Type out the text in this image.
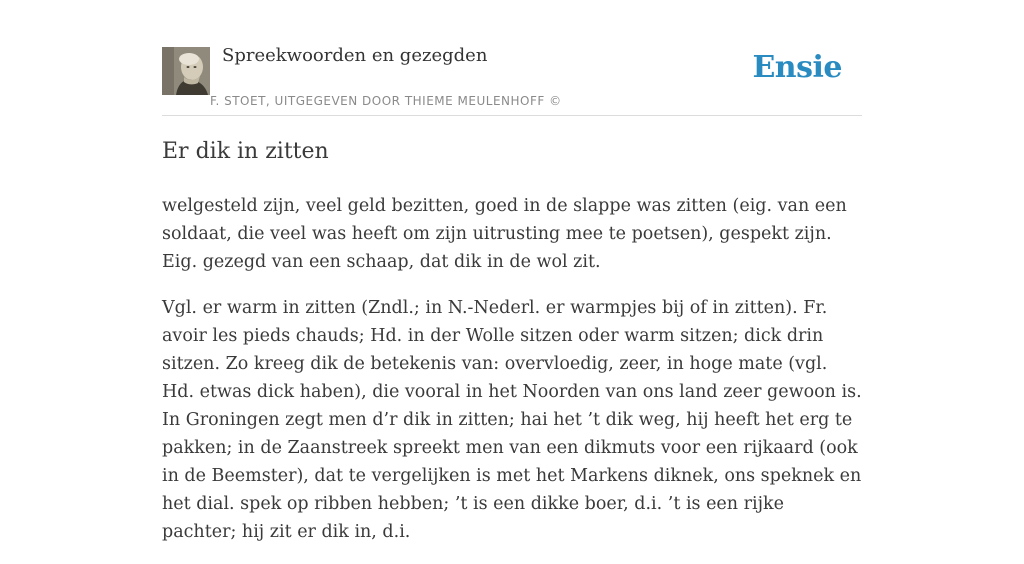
Spreekwoorden en gezegden
F. STOET, UITGEGEVEN DOOR THIEME MEULENHOFF ©
Ensie
Er dik in zitten

welgesteld zijn, veel geld bezitten, goed in de slappe was zitten (eig. van een soldaat, die veel was heeft om zijn uitrusting mee te poetsen), gespekt zijn. Eig. gezegd van een schaap, dat dik in de wol zit.

Vgl. er warm in zitten (Zndl.; in N.-Nederl. er warmpjes bij of in zitten). Fr. avoir les pieds chauds; Hd. in der Wolle sitzen oder warm sitzen; dick drin sitzen. Zo kreeg dik de betekenis van: overvloedig, zeer, in hoge mate (vgl. Hd. etwas dick haben), die vooral in het Noorden van ons land zeer gewoon is. In Groningen zegt men d’r dik in zitten; hai het ’t dik weg, hij heeft het erg te pakken; in de Zaanstreek spreekt men van een dikmuts voor een rijkaard (ook in de Beemster), dat te vergelijken is met het Markens diknek, ons speknek en het dial. spek op ribben hebben; ’t is een dikke boer, d.i. ’t is een rijke pachter; hij zit er dik in, d.i.
